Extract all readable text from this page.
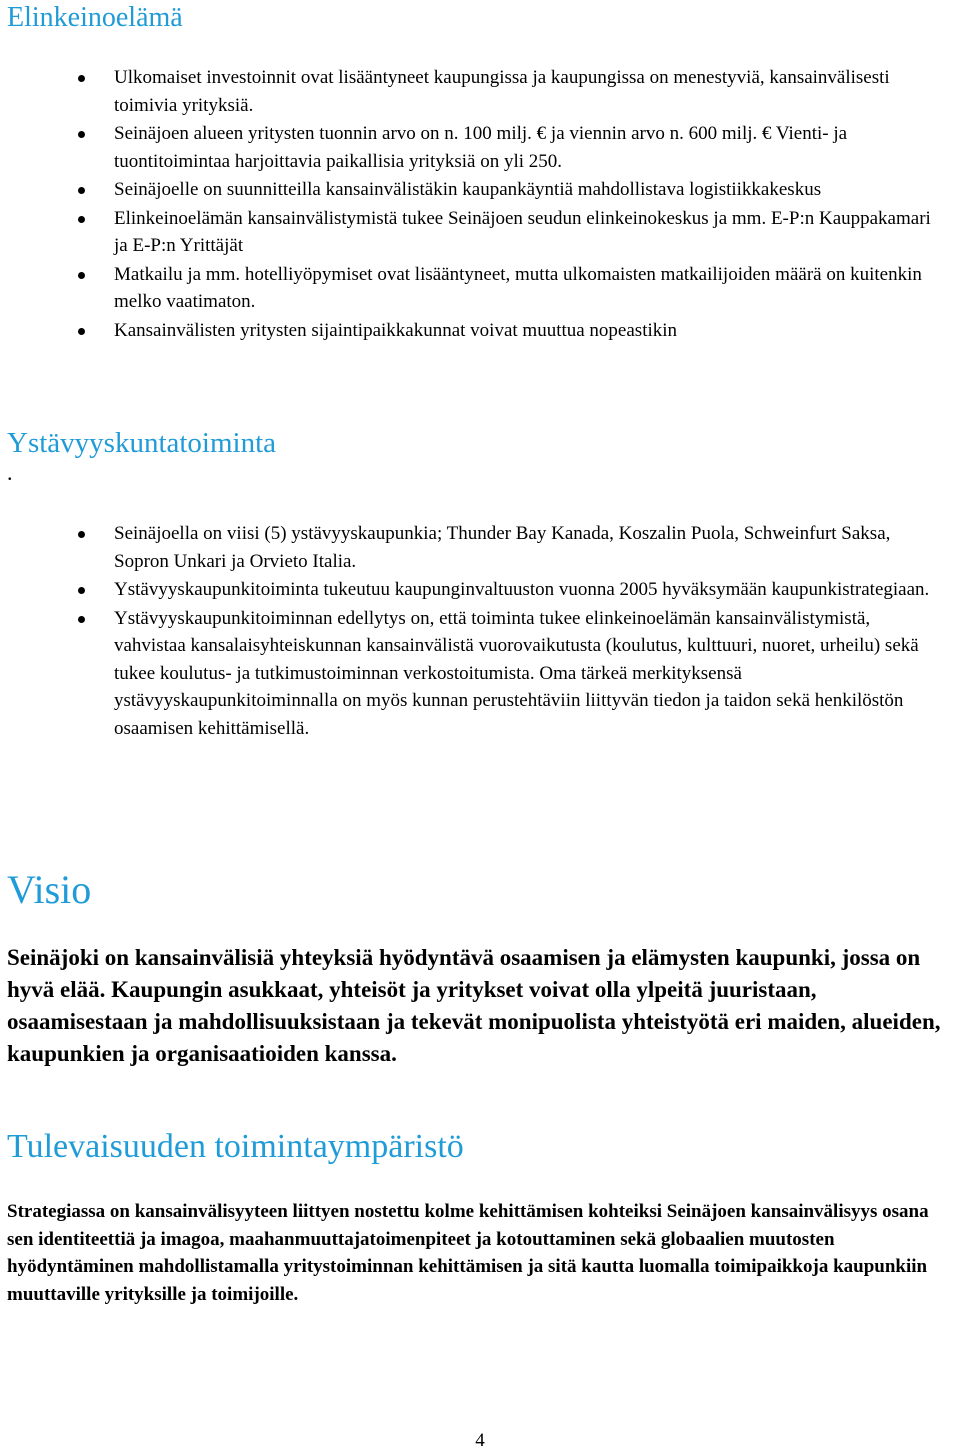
Elinkeinoelämä
Ulkomaiset investoinnit ovat lisääntyneet kaupungissa ja kaupungissa on menestyviä, kansainvälisesti toimivia yrityksiä.
Seinäjoen alueen yritysten tuonnin arvo on n. 100 milj. € ja viennin arvo n. 600 milj. € Vienti- ja tuontitoimintaa harjoittavia paikallisia yrityksiä on yli 250.
Seinäjoelle on suunnitteilla kansainvälistäkin kaupankäyntiä mahdollistava logistiikkakeskus
Elinkeinoelämän kansainvälistymistä tukee Seinäjoen seudun elinkeinokeskus ja mm. E-P:n Kauppakamari ja E-P:n Yrittäjät
Matkailu ja mm. hotelliyöpymiset ovat lisääntyneet, mutta ulkomaisten matkailijoiden määrä on kuitenkin melko vaatimaton.
Kansainvälisten yritysten sijaintipaikkakunnat voivat muuttua nopeastikin
Ystävyyskuntatoiminta
.
Seinäjoella on viisi (5) ystävyyskaupunkia; Thunder Bay Kanada, Koszalin Puola, Schweinfurt Saksa, Sopron Unkari ja Orvieto Italia.
Ystävyyskaupunkitoiminta tukeutuu kaupunginvaltuuston vuonna 2005 hyväksymään kaupunkistrategiaan.
Ystävyyskaupunkitoiminnan edellytys on, että toiminta tukee elinkeinoelämän kansainvälistymistä, vahvistaa kansalaisyhteiskunnan kansainvälistä vuorovaikutusta (koulutus, kulttuuri, nuoret, urheilu) sekä tukee koulutus- ja tutkimustoiminnan verkostoitumista. Oma tärkeä merkityksensä ystävyyskaupunkitoiminnalla on myös kunnan perustehtäviin liittyvän tiedon ja taidon sekä henkilöstön osaamisen kehittämisellä.
Visio

Seinäjoki on kansainvälisiä yhteyksiä hyödyntävä osaamisen ja elämysten kaupunki, jossa on hyvä elää. Kaupungin asukkaat, yhteisöt ja yritykset voivat olla ylpeitä juuristaan, osaamisestaan ja mahdollisuuksistaan ja tekevät monipuolista yhteistyötä eri maiden, alueiden, kaupunkien ja organisaatioiden kanssa.

Tulevaisuuden toimintaympäristö

Strategiassa on kansainvälisyyteen liittyen nostettu kolme kehittämisen kohteiksi Seinäjoen kansainvälisyys osana sen identiteettiä ja imagoa, maahanmuuttajatoimenpiteet ja kotouttaminen sekä globaalien muutosten hyödyntäminen mahdollistamalla yritystoiminnan kehittämisen ja sitä kautta luomalla toimipaikkoja kaupunkiin muuttaville yrityksille ja toimijoille.

4
